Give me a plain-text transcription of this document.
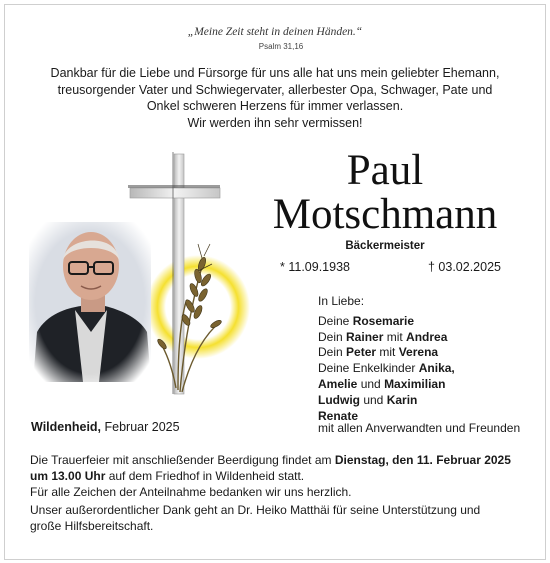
„Meine Zeit steht in deinen Händen.“
Psalm 31,16
Dankbar für die Liebe und Fürsorge für uns alle hat uns mein geliebter Ehemann, treusorgender Vater und Schwiegervater, allerbester Opa, Schwager, Pate und Onkel schweren Herzens für immer verlassen.
Wir werden ihn sehr vermissen!
Paul
Motschmann
Bäckermeister
* 11.09.1938	† 03.02.2025
In Liebe:
Deine Rosemarie
Dein Rainer mit Andrea
Dein Peter mit Verena
Deine Enkelkinder Anika,
Amelie und Maximilian
Ludwig und Karin
Renate
Wildenheid, Februar 2025	mit allen Anverwandten und Freunden
Die Trauerfeier mit anschließender Beerdigung findet am Dienstag, den 11. Februar 2025
um 13.00 Uhr auf dem Friedhof in Wildenheid statt.
Für alle Zeichen der Anteilnahme bedanken wir uns herzlich.
Unser außerordentlicher Dank geht an Dr. Heiko Matthäi für seine Unterstützung und große Hilfsbereitschaft.
